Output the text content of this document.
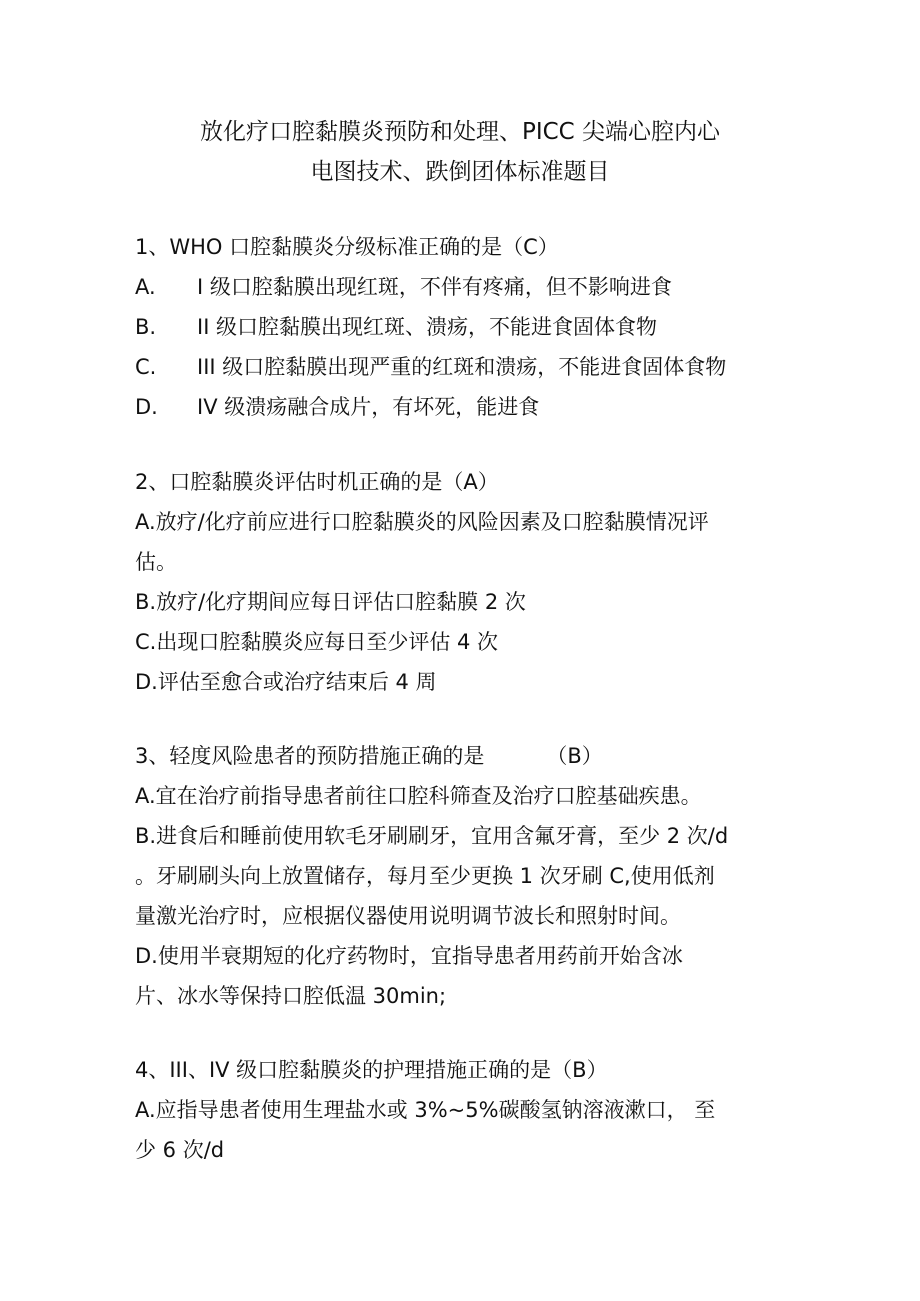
放化疗口腔黏膜炎预防和处理、PICC 尖端心腔内心
电图技术、跌倒团体标准题目
1、WHO 口腔黏膜炎分级标准正确的是（C）
A. I 级口腔黏膜出现红斑，不伴有疼痛，但不影响进食
B. II 级口腔黏膜出现红斑、溃疡，不能进食固体食物
C. III 级口腔黏膜出现严重的红斑和溃疡，不能进食固体食物
D. IV 级溃疡融合成片，有坏死，能进食
2、口腔黏膜炎评估时机正确的是（A）
A.放疗/化疗前应进行口腔黏膜炎的风险因素及口腔黏膜情况评
估。
B.放疗/化疗期间应每日评估口腔黏膜 2 次
C.出现口腔黏膜炎应每日至少评估 4 次
D.评估至愈合或治疗结束后 4 周
3、轻度风险患者的预防措施正确的是	（B）
A.宜在治疗前指导患者前往口腔科筛查及治疗口腔基础疾患。
B.进食后和睡前使用软毛牙刷刷牙，宜用含氟牙膏，至少 2 次/d
。牙刷刷头向上放置储存，每月至少更换 1 次牙刷 C,使用低剂
量激光治疗时，应根据仪器使用说明调节波长和照射时间。
D.使用半衰期短的化疗药物时，宜指导患者用药前开始含冰
片、冰水等保持口腔低温 30min;
4、III、IV 级口腔黏膜炎的护理措施正确的是（B）
A.应指导患者使用生理盐水或 3%~5%碳酸氢钠溶液漱口， 至
少 6 次/d
